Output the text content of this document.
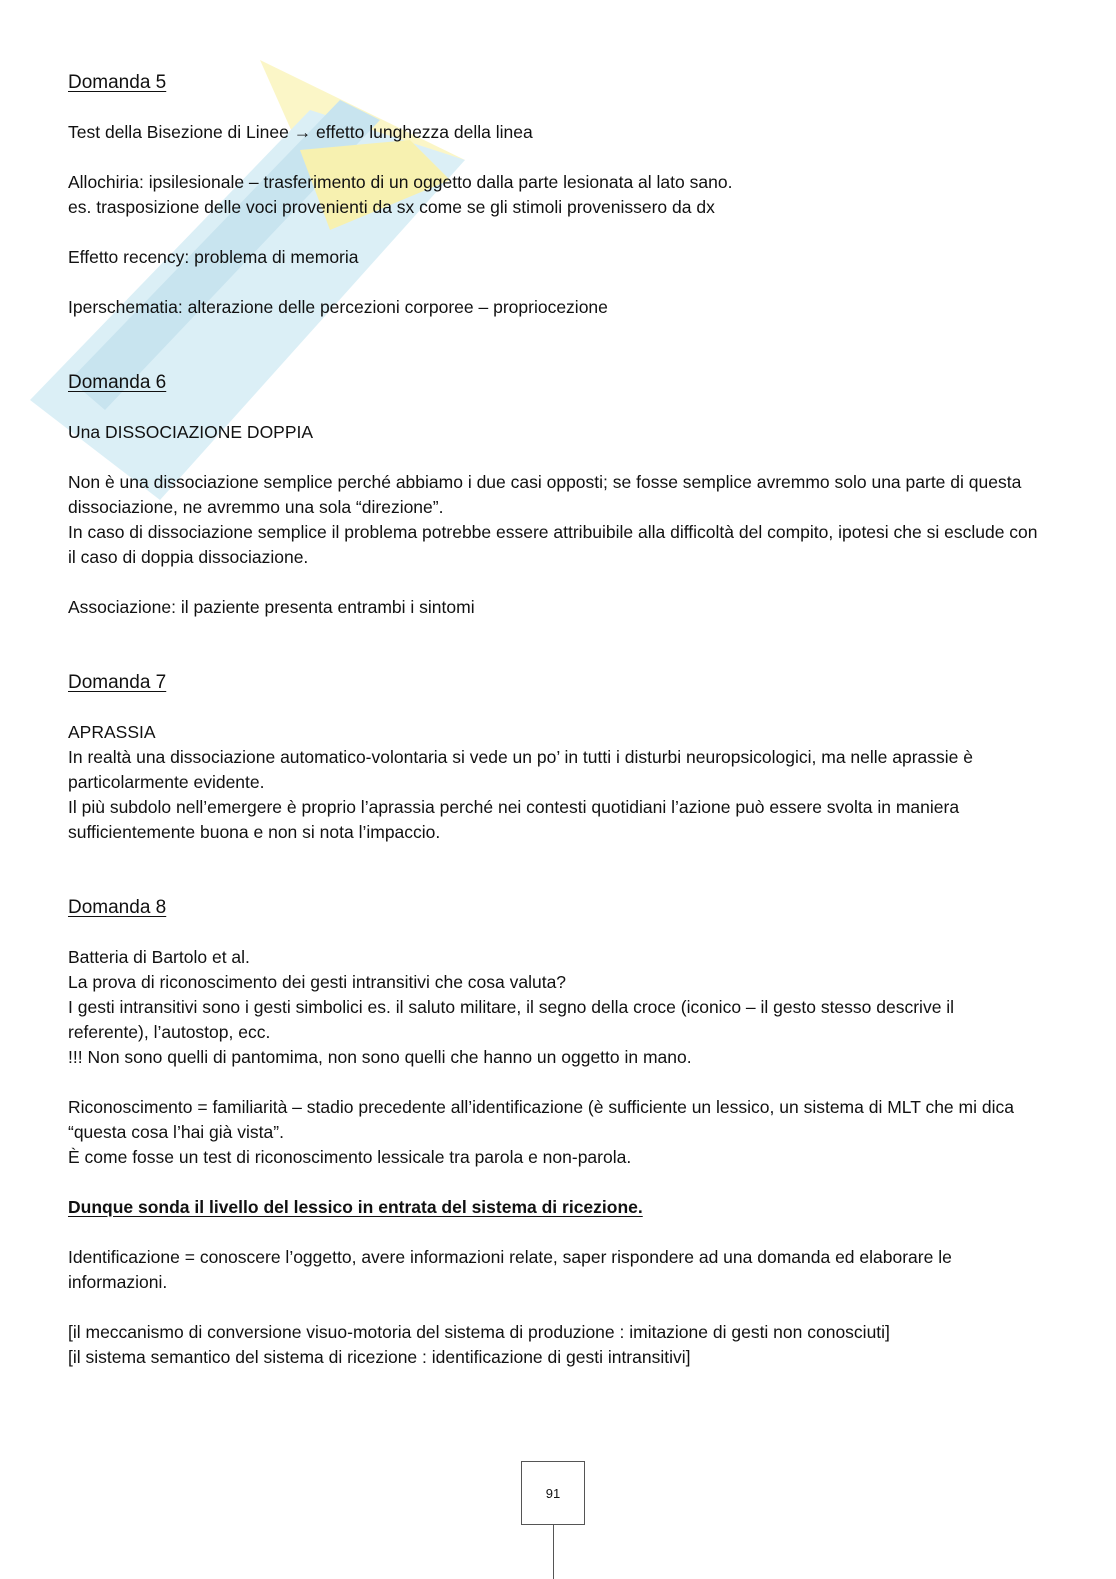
Domanda 5

Test della Bisezione di Linee → effetto lunghezza della linea

Allochiria: ipsilesionale – trasferimento di un oggetto dalla parte lesionata al lato sano.

es. trasposizione delle voci provenienti da sx come se gli stimoli provenissero da dx

Effetto recency: problema di memoria

Iperschematia: alterazione delle percezioni corporee – propriocezione

Domanda 6

Una DISSOCIAZIONE DOPPIA

Non è una dissociazione semplice perché abbiamo i due casi opposti; se fosse semplice avremmo solo una parte di questa dissociazione, ne avremmo una sola “direzione”.

In caso di dissociazione semplice il problema potrebbe essere attribuibile alla difficoltà del compito, ipotesi che si esclude con il caso di doppia dissociazione.

Associazione: il paziente presenta entrambi i sintomi

Domanda 7

APRASSIA

In realtà una dissociazione automatico-volontaria si vede un po’ in tutti i disturbi neuropsicologici, ma nelle aprassie è particolarmente evidente.

Il più subdolo nell’emergere è proprio l’aprassia perché nei contesti quotidiani l’azione può essere svolta in maniera sufficientemente buona e non si nota l’impaccio.

Domanda 8

Batteria di Bartolo et al.

La prova di riconoscimento dei gesti intransitivi che cosa valuta?

I gesti intransitivi sono i gesti simbolici es. il saluto militare, il segno della croce (iconico – il gesto stesso descrive il referente), l’autostop, ecc.

!!! Non sono quelli di pantomima, non sono quelli che hanno un oggetto in mano.

Riconoscimento = familiarità – stadio precedente all’identificazione (è sufficiente un lessico, un sistema di MLT che mi dica “questa cosa l’hai già vista”.

È come fosse un test di riconoscimento lessicale tra parola e non-parola.

Dunque sonda il livello del lessico in entrata del sistema di ricezione.

Identificazione = conoscere l’oggetto, avere informazioni relate, saper rispondere ad una domanda ed elaborare le informazioni.

[il meccanismo di conversione visuo-motoria del sistema di produzione : imitazione di gesti non conosciuti]

[il sistema semantico del sistema di ricezione : identificazione di gesti intransitivi]

91
